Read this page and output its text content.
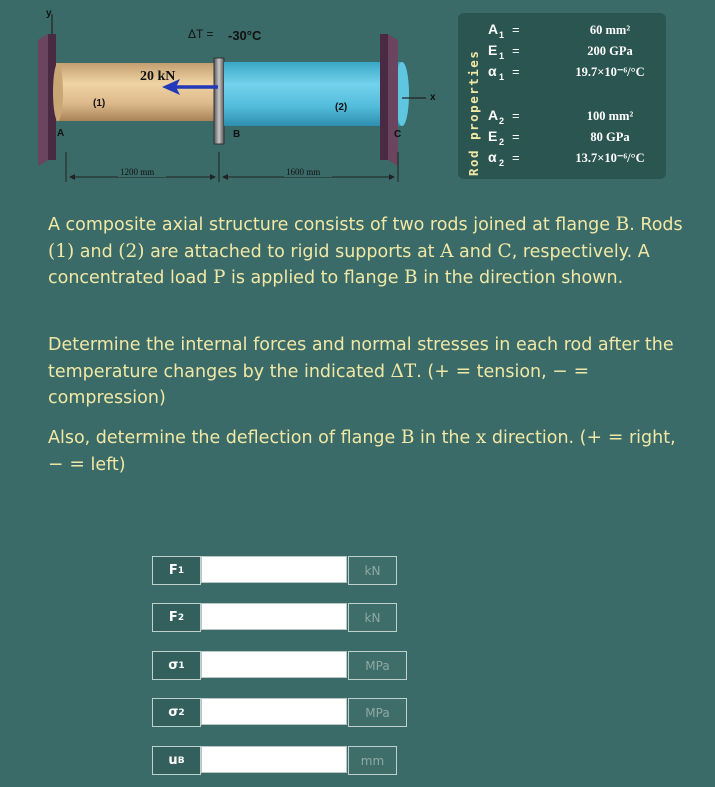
y
x
20 kN
ΔT = -30°C
(1)	(2)
A	B	C
1200 mm	1600 mm	Rod properties
A 1 =	60 mm²
E 1 =	200 GPa
α 1 =	19.7×10⁻⁶/°C
A 2 =	100 mm²
E 2 =	80 GPa
α 2 =	13.7×10⁻⁶/°C

A composite axial structure consists of two rods joined at flange B. Rods (1) and (2) are attached to rigid supports at A and C, respectively. A concentrated load P is applied to flange B in the direction shown.

Determine the internal forces and normal stresses in each rod after the temperature changes by the indicated ΔT. (+ = tension, − = compression)

Also, determine the deflection of flange B in the x direction. (+ = right, − = left)

F 1	kN
F 2	kN
σ 1	MPa
σ 2	MPa
u B	mm
